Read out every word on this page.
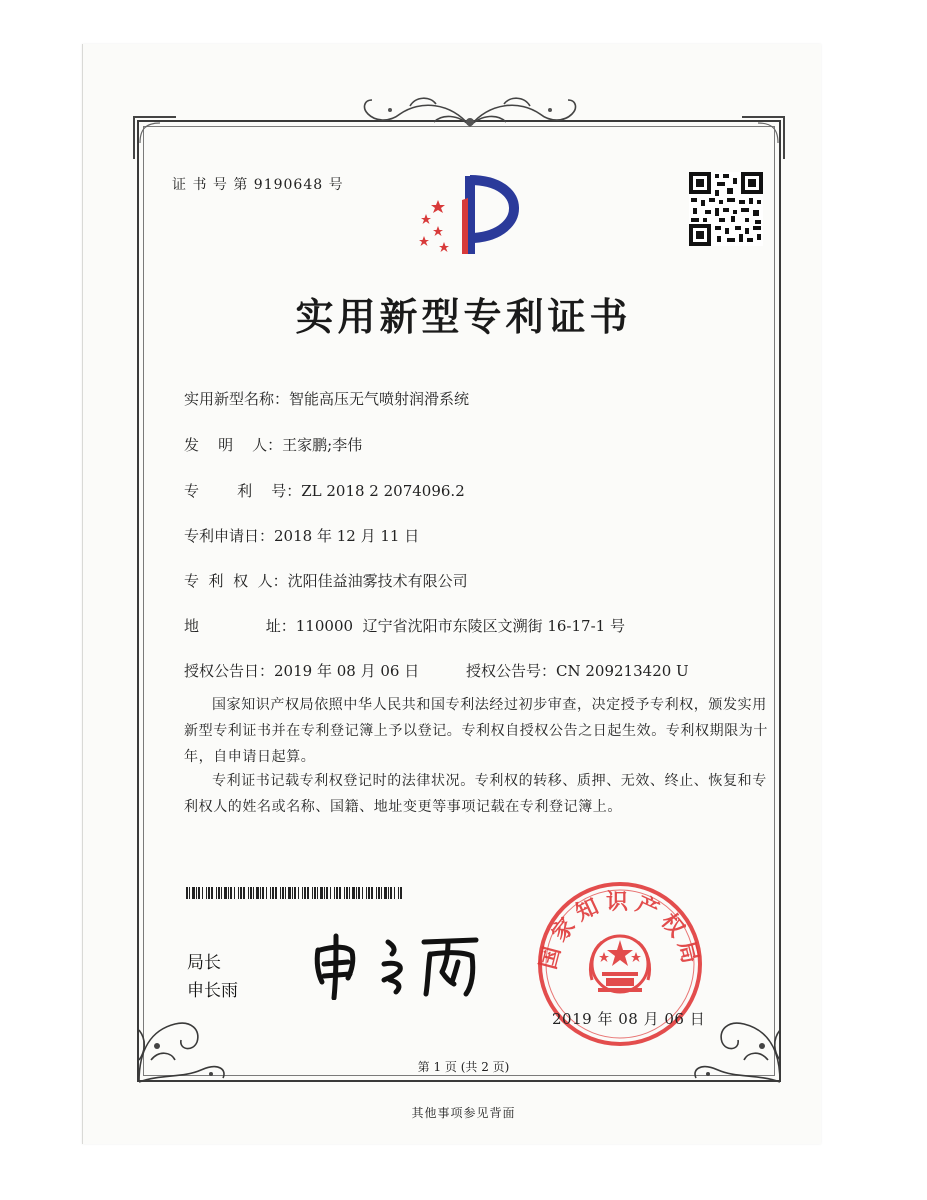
证 书 号 第 9190648 号
实用新型专利证书
实用新型名称：智能高压无气喷射润滑系统
发    明    人：王家鹏;李伟
专        利    号：ZL 2018 2 2074096.2
专利申请日：2018 年 12 月 11 日
专  利  权  人：沈阳佳益油雾技术有限公司
地              址：110000  辽宁省沈阳市东陵区文溯街 16-17-1 号
授权公告日：2019 年 08 月 06 日	授权公告号：CN 209213420 U
国家知识产权局依照中华人民共和国专利法经过初步审查，决定授予专利权，颁发实用新型专利证书并在专利登记簿上予以登记。专利权自授权公告之日起生效。专利权期限为十年，自申请日起算。
专利证书记载专利权登记时的法律状况。专利权的转移、质押、无效、终止、恢复和专利权人的姓名或名称、国籍、地址变更等事项记载在专利登记簿上。
局长
申长雨
国家知识产权局
2019 年 08 月 06 日
第 1 页 (共 2 页)
其他事项参见背面
